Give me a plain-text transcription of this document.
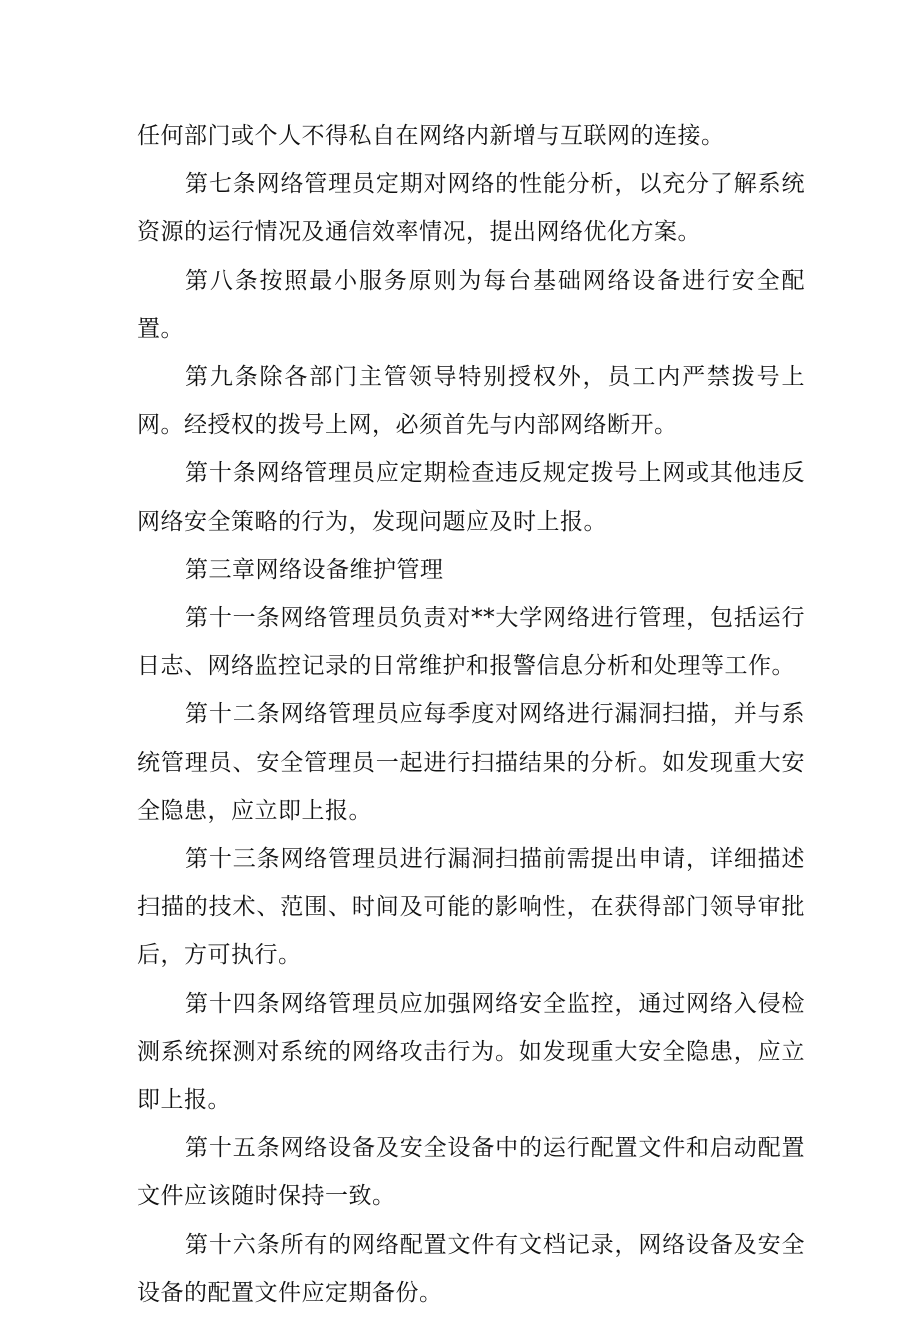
任何部门或个人不得私自在网络内新增与互联网的连接。

第七条网络管理员定期对网络的性能分析，以充分了解系统资源的运行情况及通信效率情况，提出网络优化方案。

第八条按照最小服务原则为每台基础网络设备进行安全配置。

第九条除各部门主管领导特别授权外，员工内严禁拨号上网。经授权的拨号上网，必须首先与内部网络断开。

第十条网络管理员应定期检查违反规定拨号上网或其他违反网络安全策略的行为，发现问题应及时上报。

第三章网络设备维护管理

第十一条网络管理员负责对**大学网络进行管理，包括运行日志、网络监控记录的日常维护和报警信息分析和处理等工作。

第十二条网络管理员应每季度对网络进行漏洞扫描，并与系统管理员、安全管理员一起进行扫描结果的分析。如发现重大安全隐患，应立即上报。

第十三条网络管理员进行漏洞扫描前需提出申请，详细描述扫描的技术、范围、时间及可能的影响性，在获得部门领导审批后，方可执行。

第十四条网络管理员应加强网络安全监控，通过网络入侵检测系统探测对系统的网络攻击行为。如发现重大安全隐患，应立即上报。

第十五条网络设备及安全设备中的运行配置文件和启动配置文件应该随时保持一致。

第十六条所有的网络配置文件有文档记录，网络设备及安全设备的配置文件应定期备份。
